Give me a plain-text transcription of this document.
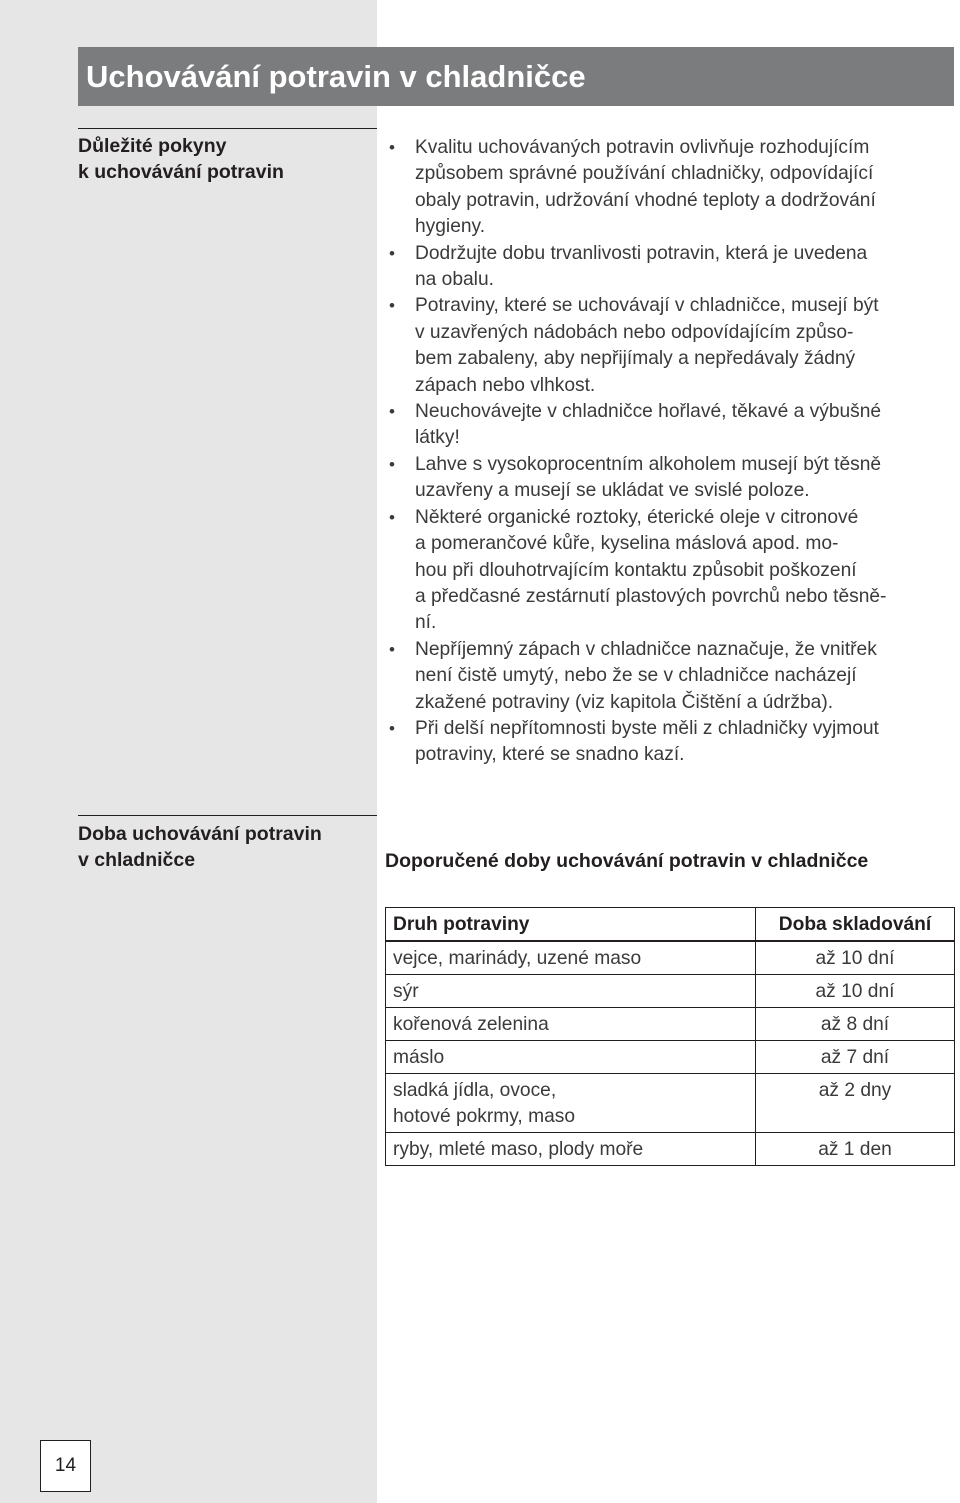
Uchovávání potravin v chladničce
Důležité pokyny
k uchovávání potravin
• Kvalitu uchovávaných potravin ovlivňuje rozhodujícím
způsobem správné používání chladničky, odpovídající
obaly potravin, udržování vhodné teploty a dodržování
hygieny.
• Dodržujte dobu trvanlivosti potravin, která je uvedena
na obalu.
• Potraviny, které se uchovávají v chladničce, musejí být
v uzavřených nádobách nebo odpovídajícím způso-
bem zabaleny, aby nepřijímaly a nepředávaly žádný
zápach nebo vlhkost.
• Neuchovávejte v chladničce hořlavé, těkavé a výbušné
látky!
• Lahve s vysokoprocentním alkoholem musejí být těsně
uzavřeny a musejí se ukládat ve svislé poloze.
• Některé organické roztoky, éterické oleje v citronové
a pomerančové kůře, kyselina máslová apod. mo-
hou při dlouhotrvajícím kontaktu způsobit poškození
a předčasné zestárnutí plastových povrchů nebo těsně-
ní.
• Nepříjemný zápach v chladničce naznačuje, že vnitřek
není čistě umytý, nebo že se v chladničce nacházejí
zkažené potraviny (viz kapitola Čištění a údržba).
• Při delší nepřítomnosti byste měli z chladničky vyjmout
potraviny, které se snadno kazí.
Doba uchovávání potravin
v chladničce	Doporučené doby uchovávání potravin v chladničce
Druh potraviny	Doba skladování

vejce, marinády, uzené maso	až 10 dní

sýr	až 10 dní

kořenová zelenina	až 8 dní

máslo	až 7 dní

sladká jídla, ovoce,
hotové pokrmy, maso	až 2 dny

ryby, mleté maso, plody moře	až 1 den
14
